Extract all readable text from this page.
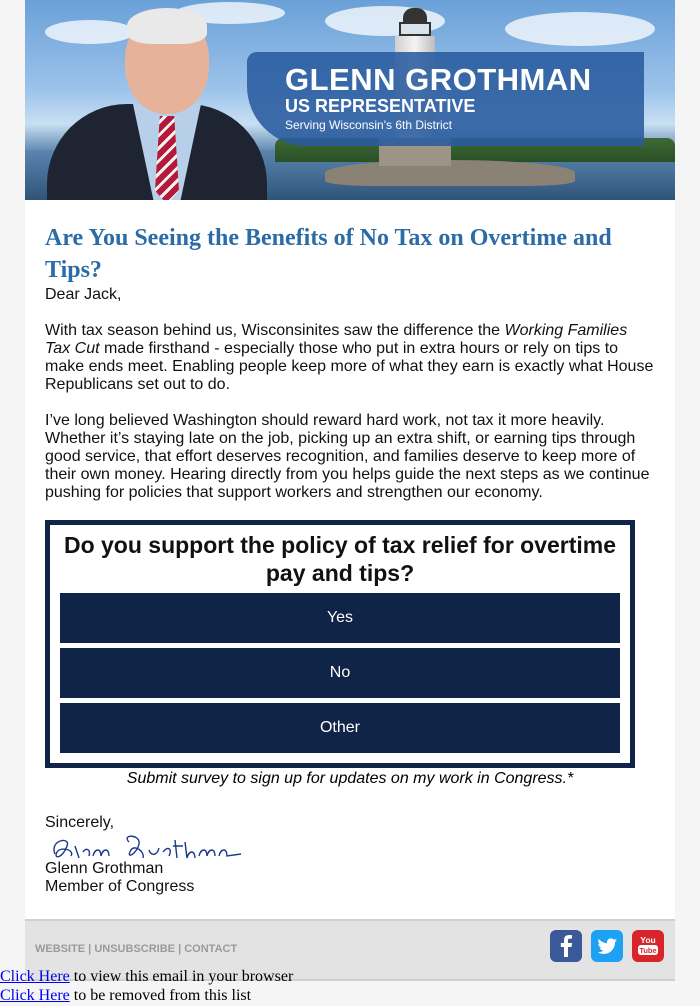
GLENN GROTHMAN
US REPRESENTATIVE
Serving Wisconsin's 6th District
Are You Seeing the Benefits of No Tax on Overtime and Tips?

Dear Jack,

With tax season behind us, Wisconsinites saw the difference the Working Families Tax Cut made firsthand - especially those who put in extra hours or rely on tips to make ends meet. Enabling people keep more of what they earn is exactly what House Republicans set out to do.

I’ve long believed Washington should reward hard work, not tax it more heavily. Whether it’s staying late on the job, picking up an extra shift, or earning tips through good service, that effort deserves recognition, and families deserve to keep more of their own money. Hearing directly from you helps guide the next steps as we continue pushing for policies that support workers and strengthen our economy.

Do you support the policy of tax relief for overtime pay and tips?
Yes
No
Other
Submit survey to sign up for updates on my work in Congress.*

Sincerely,

Glenn Grothman

Member of Congress

WEBSITE | UNSUBSCRIBE | CONTACT
You
Tube
Click Here to view this email in your browser
Click Here to be removed from this list
